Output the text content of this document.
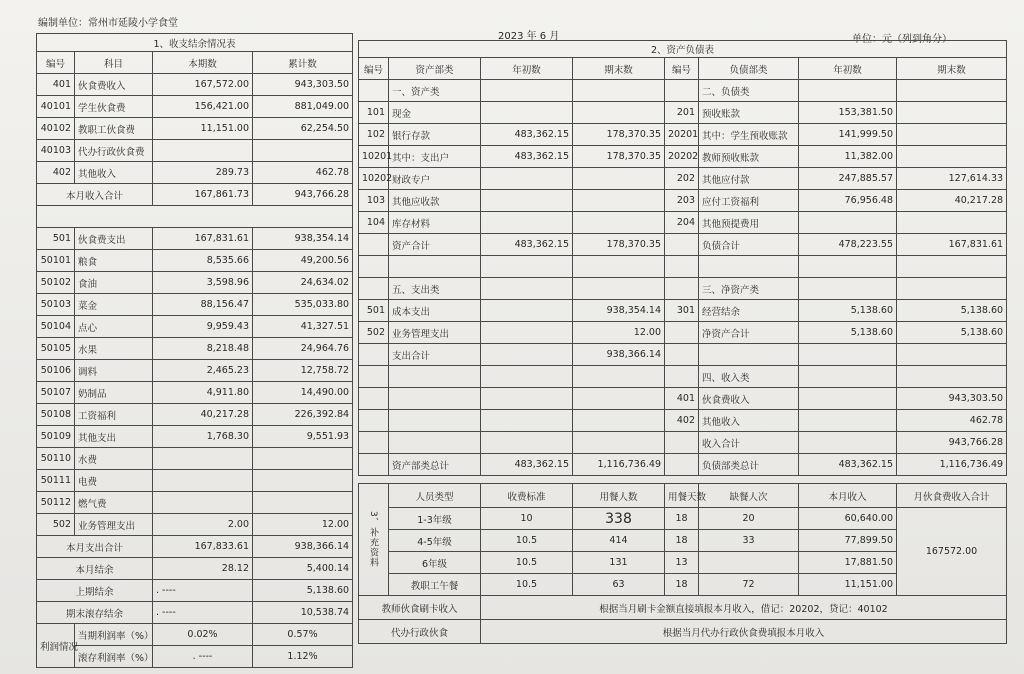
编制单位：常州市延陵小学食堂
2023 年 6 月	单位：元（列到角分）
1、收支结余情况表			
编号	科目	本期数	累计数
401	伙食费收入	167,572.00	943,303.50
40101	学生伙食费	156,421.00	881,049.00
40102	教职工伙食费	11,151.00	62,254.50
40103	代办行政伙食费		
402	其他收入	289.73	462.78
本月收入合计		167,861.73	943,766.28

501	伙食费支出	167,831.61	938,354.14
50101	粮食	8,535.66	49,200.56
50102	食油	3,598.96	24,634.02
50103	菜金	88,156.47	535,033.80
50104	点心	9,959.43	41,327.51
50105	水果	8,218.48	24,964.76
50106	调料	2,465.23	12,758.72
50107	奶制品	4,911.80	14,490.00
50108	工资福利	40,217.28	226,392.84
50109	其他支出	1,768.30	9,551.93
50110	水费		
50111	电费		
50112	燃气费		
502	业务管理支出	2.00	12.00
本月支出合计		167,833.61	938,366.14
本月结余		28.12	5,400.14
上期结余		. ----	5,138.60
期末滚存结余		. ----	10,538.74
利润情况	当期利润率（%）	0.02%	0.57%
	滚存利润率（%）	. ----	1.12%
2、资产负债表							
编号	资产部类	年初数	期末数	编号	负债部类	年初数	期末数
	一、资产类				二、负债类		
101	现金			201	预收账款	153,381.50	
102	银行存款	483,362.15	178,370.35	20201	其中：学生预收账款	141,999.50	
10201	其中：支出户	483,362.15	178,370.35	20202	教师预收账款	11,382.00	
10202	财政专户			202	其他应付款	247,885.57	127,614.33
103	其他应收款			203	应付工资福利	76,956.48	40,217.28
104	库存材料			204	其他预提费用		
	资产合计	483,362.15	178,370.35		负债合计	478,223.55	167,831.61

	五、支出类				三、净资产类		
501	成本支出		938,354.14	301	经营结余	5,138.60	5,138.60
502	业务管理支出		12.00		净资产合计	5,138.60	5,138.60
	支出合计		938,366.14				
					四、收入类		
				401	伙食费收入		943,303.50
				402	其他收入		462.78
					收入合计		943,766.28
	资产部类总计	483,362.15	1,116,736.49		负债部类总计	483,362.15	1,116,736.49
3、补充资料	人员类型	收费标准	用餐人数	用餐天数	缺餐人次	本月收入	月伙食费收入合计
	1-3年级	10	338	18	20	60,640.00	167572.00
	4-5年级	10.5	414	18	33	77,899.50	
	6年级	10.5	131	13		17,881.50	
	教职工午餐	10.5	63	18	72	11,151.00	
教师伙食刷卡收入		根据当月刷卡金额直接填报本月收入，借记：20202，贷记：40102					
代办行政伙食		根据当月代办行政伙食费填报本月收入					
